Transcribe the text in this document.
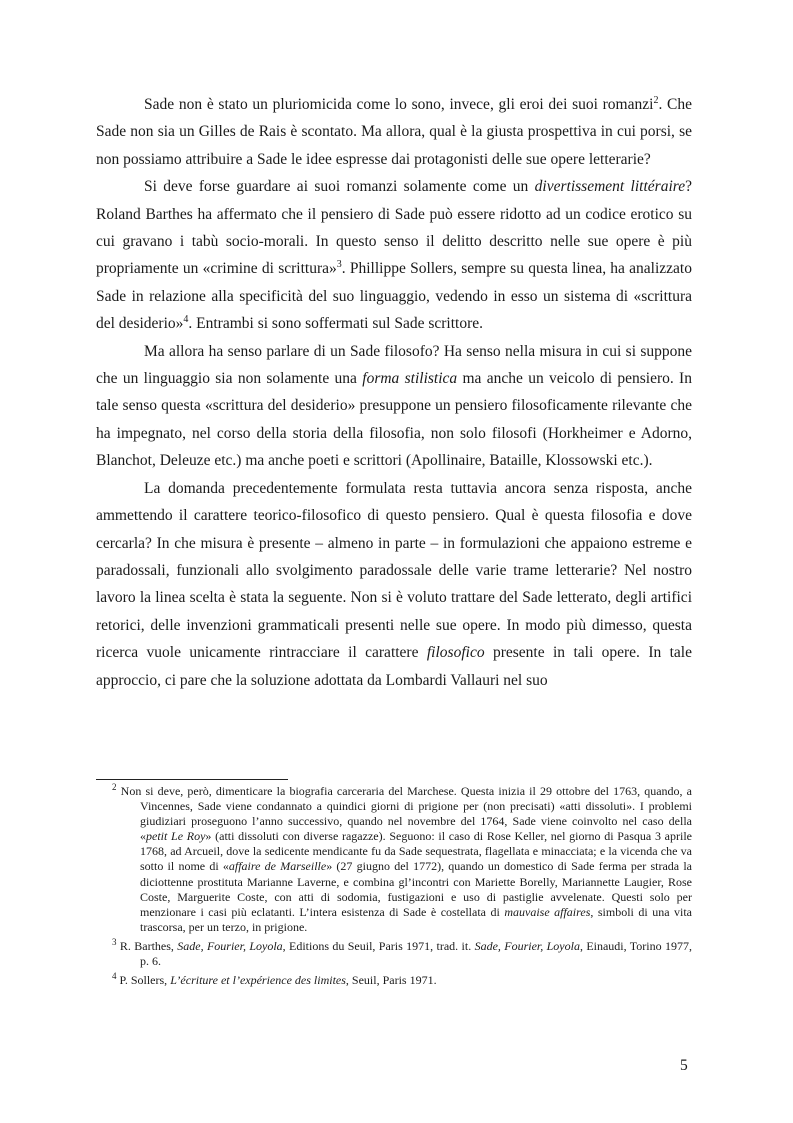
Sade non è stato un pluriomicida come lo sono, invece, gli eroi dei suoi romanzi$^2$. Che Sade non sia un Gilles de Rais è scontato. Ma allora, qual è la giusta prospettiva in cui porsi, se non possiamo attribuire a Sade le idee espresse dai protagonisti delle sue opere letterarie?

Si deve forse guardare ai suoi romanzi solamente come un divertissement littéraire? Roland Barthes ha affermato che il pensiero di Sade può essere ridotto ad un codice erotico su cui gravano i tabù socio-morali. In questo senso il delitto descritto nelle sue opere è più propriamente un «crimine di scrittura»$^3$. Phillippe Sollers, sempre su questa linea, ha analizzato Sade in relazione alla specificità del suo linguaggio, vedendo in esso un sistema di «scrittura del desiderio»$^4$. Entrambi si sono soffermati sul Sade scrittore.

Ma allora ha senso parlare di un Sade filosofo? Ha senso nella misura in cui si suppone che un linguaggio sia non solamente una forma stilistica ma anche un veicolo di pensiero. In tale senso questa «scrittura del desiderio» presuppone un pensiero filosoficamente rilevante che ha impegnato, nel corso della storia della filosofia, non solo filosofi (Horkheimer e Adorno, Blanchot, Deleuze etc.) ma anche poeti e scrittori (Apollinaire, Bataille, Klossowski etc.).

La domanda precedentemente formulata resta tuttavia ancora senza risposta, anche ammettendo il carattere teorico-filosofico di questo pensiero. Qual è questa filosofia e dove cercarla? In che misura è presente – almeno in parte – in formulazioni che appaiono estreme e paradossali, funzionali allo svolgimento paradossale delle varie trame letterarie? Nel nostro lavoro la linea scelta è stata la seguente. Non si è voluto trattare del Sade letterato, degli artifici retorici, delle invenzioni grammaticali presenti nelle sue opere. In modo più dimesso, questa ricerca vuole unicamente rintracciare il carattere filosofico presente in tali opere. In tale approccio, ci pare che la soluzione adottata da Lombardi Vallauri nel suo

$^2$ Non si deve, però, dimenticare la biografia carceraria del Marchese. Questa inizia il 29 ottobre del 1763, quando, a Vincennes, Sade viene condannato a quindici giorni di prigione per (non precisati) «atti dissoluti». I problemi giudiziari proseguono l’anno successivo, quando nel novembre del 1764, Sade viene coinvolto nel caso della «petit Le Roy» (atti dissoluti con diverse ragazze). Seguono: il caso di Rose Keller, nel giorno di Pasqua 3 aprile 1768, ad Arcueil, dove la sedicente mendicante fu da Sade sequestrata, flagellata e minacciata; e la vicenda che va sotto il nome di «affaire de Marseille» (27 giugno del 1772), quando un domestico di Sade ferma per strada la diciottenne prostituta Marianne Laverne, e combina gl’incontri con Mariette Borelly, Mariannette Laugier, Rose Coste, Marguerite Coste, con atti di sodomia, fustigazioni e uso di pastiglie avvelenate. Questi solo per menzionare i casi più eclatanti. L’intera esistenza di Sade è costellata di mauvaise affaires, simboli di una vita trascorsa, per un terzo, in prigione.
$^3$ R. Barthes, Sade, Fourier, Loyola, Editions du Seuil, Paris 1971, trad. it. Sade, Fourier, Loyola, Einaudi, Torino 1977, p. 6.
$^4$ P. Sollers, L’écriture et l’expérience des limites, Seuil, Paris 1971.
5
